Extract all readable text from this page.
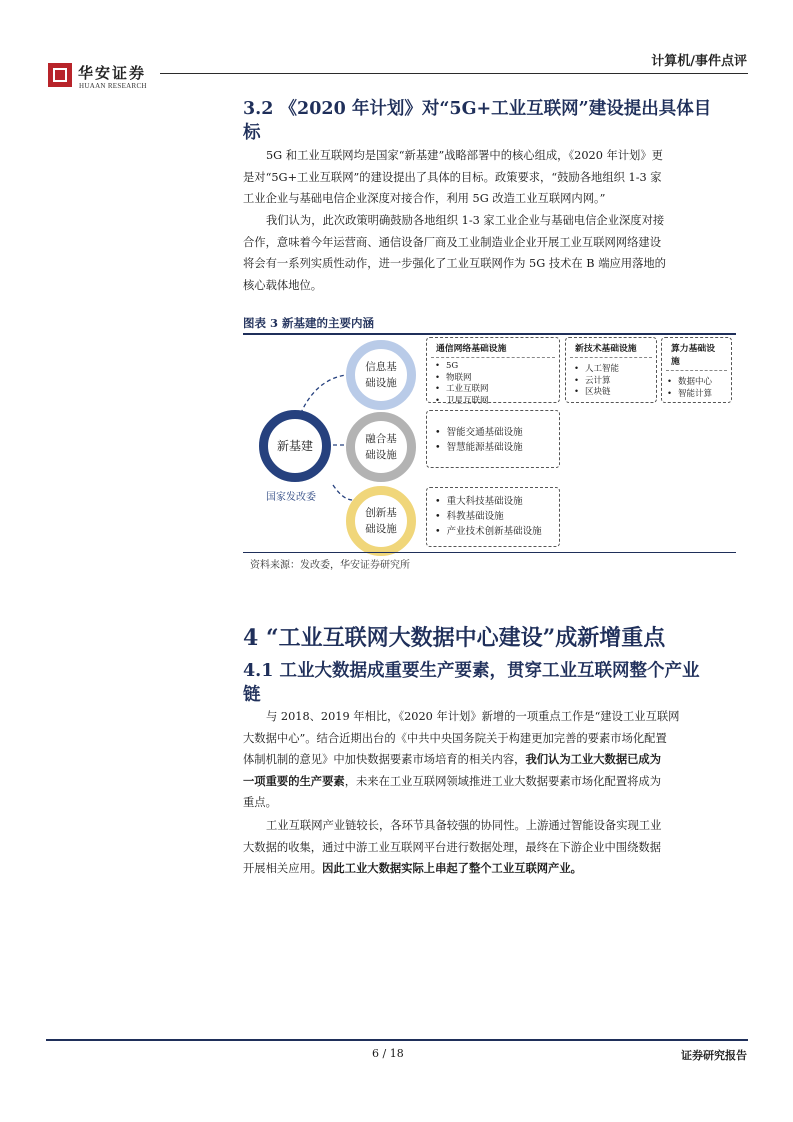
华安证券
HUAAN RESEARCH
计算机/事件点评
3.2 《2020 年计划》对“5G+工业互联网”建设提出具体目
标
5G 和工业互联网均是国家“新基建”战略部署中的核心组成，《2020 年计划》更
是对“5G+工业互联网”的建设提出了具体的目标。政策要求，“鼓励各地组织 1-3 家
工业企业与基础电信企业深度对接合作，利用 5G 改造工业互联网内网。”
我们认为，此次政策明确鼓励各地组织 1-3 家工业企业与基础电信企业深度对接
合作，意味着今年运营商、通信设备厂商及工业制造业企业开展工业互联网网络建设
将会有一系列实质性动作，进一步强化了工业互联网作为 5G 技术在 B 端应用落地的
核心载体地位。
图表 3 新基建的主要内涵
新基建
国家发改委
信息基础设施
融合基础设施
创新基础设施
通信网络基础设施
• 5G
• 物联网
• 工业互联网
• 卫星互联网
新技术基础设施
• 人工智能
• 云计算
• 区块链
算力基础设施
• 数据中心
• 智能计算
• 智能交通基础设施
• 智慧能源基础设施
• 重大科技基础设施
• 科教基础设施
• 产业技术创新基础设施
资料来源：发改委，华安证券研究所
4 “工业互联网大数据中心建设”成新增重点
4.1 工业大数据成重要生产要素，贯穿工业互联网整个产业
链
与 2018、2019 年相比，《2020 年计划》新增的一项重点工作是“建设工业互联网
大数据中心”。结合近期出台的《中共中央国务院关于构建更加完善的要素市场化配置
体制机制的意见》中加快数据要素市场培育的相关内容，我们认为工业大数据已成为
一项重要的生产要素，未来在工业互联网领域推进工业大数据要素市场化配置将成为
重点。
工业互联网产业链较长，各环节具备较强的协同性。上游通过智能设备实现工业
大数据的收集，通过中游工业互联网平台进行数据处理，最终在下游企业中围绕数据
开展相关应用。因此工业大数据实际上串起了整个工业互联网产业。
6 / 18	证券研究报告
